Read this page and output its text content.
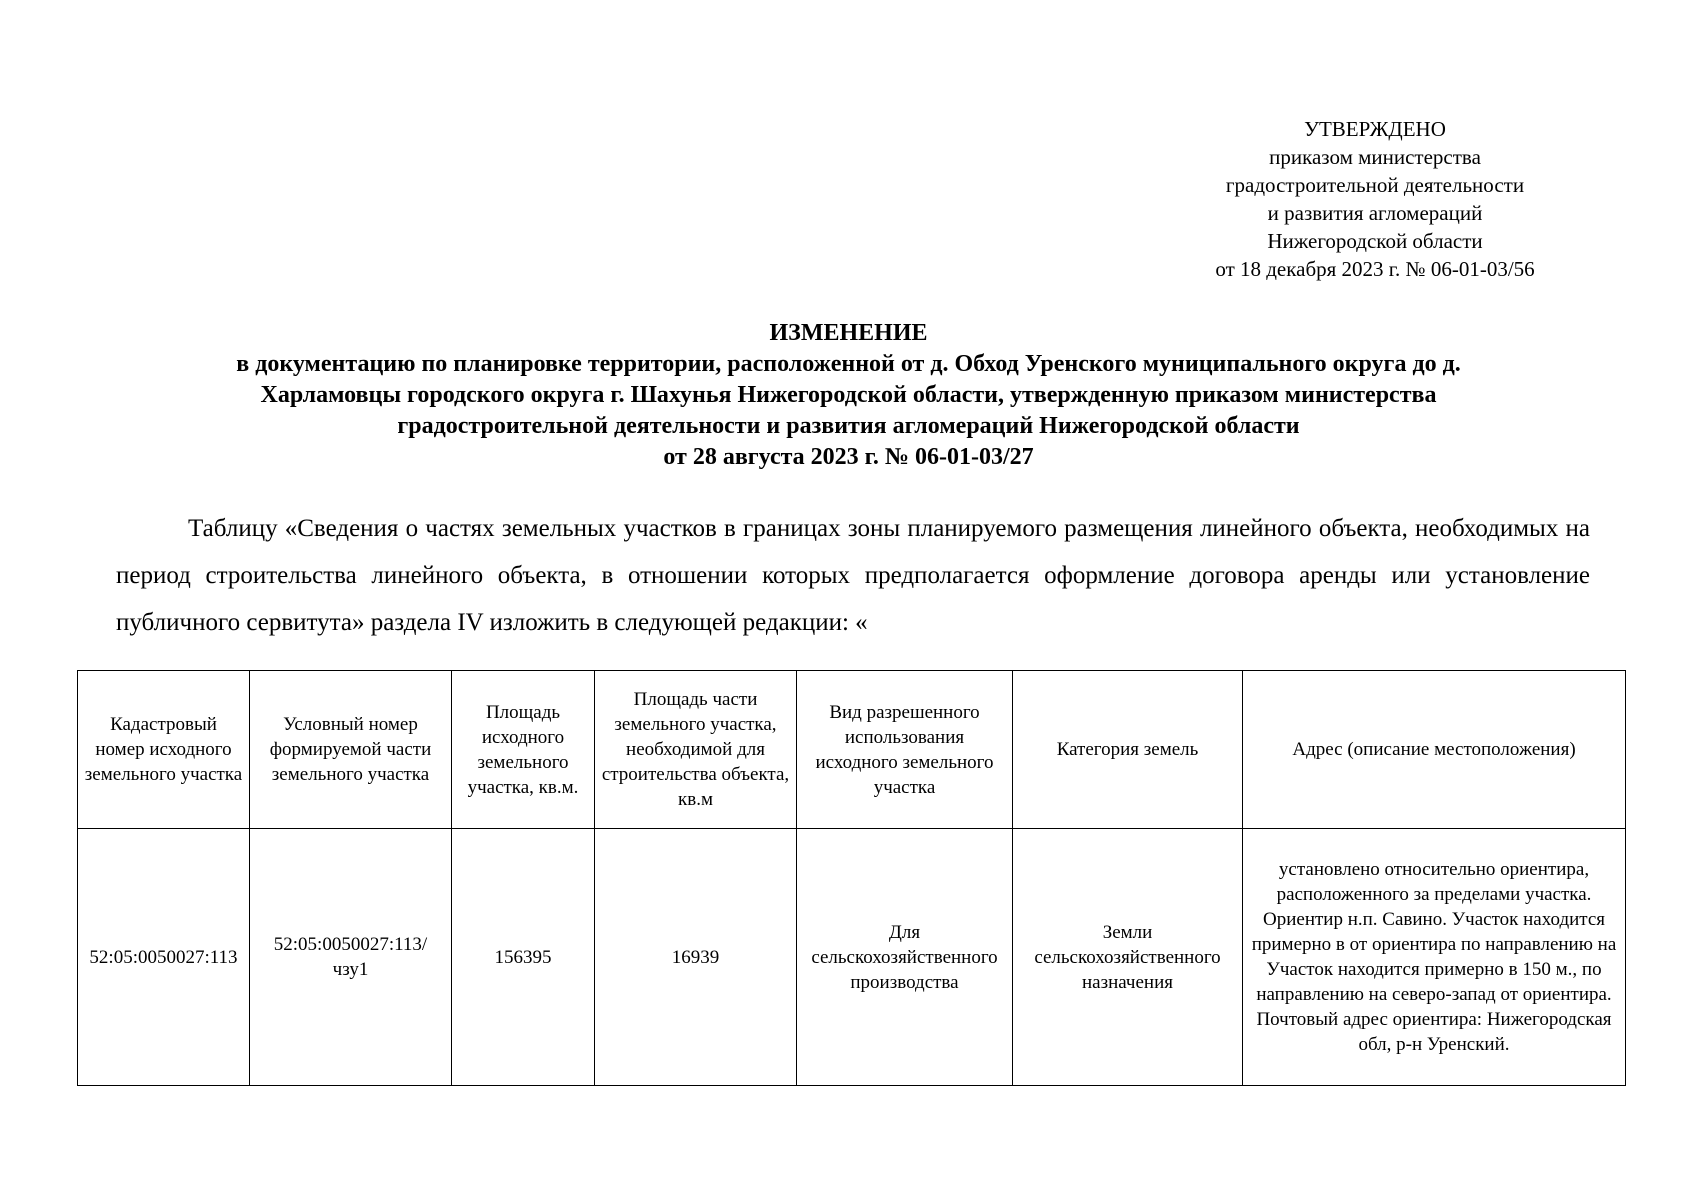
УТВЕРЖДЕНО
приказом министерства
градостроительной деятельности
и развития агломераций
Нижегородской области
от 18 декабря 2023 г. № 06-01-03/56
ИЗМЕНЕНИЕ
в документацию по планировке территории, расположенной от д. Обход Уренского муниципального округа до д.
Харламовцы городского округа г. Шахунья Нижегородской области, утвержденную приказом министерства
градостроительной деятельности и развития агломераций Нижегородской области
от 28 августа 2023 г. № 06-01-03/27
Таблицу «Сведения о частях земельных участков в границах зоны планируемого размещения линейного объекта, необходимых на период строительства линейного объекта, в отношении которых предполагается оформление договора аренды или установление публичного сервитута» раздела IV изложить в следующей редакции: «
Кадастровый номер исходного земельного участка	Условный номер формируемой части земельного участка	Площадь исходного земельного участка, кв.м.	Площадь части земельного участка, необходимой для строительства объекта, кв.м	Вид разрешенного использования исходного земельного участка	Категория земель	Адрес (описание местоположения)
52:05:0050027:113	52:05:0050027:113/чзу1	156395	16939	Для сельскохозяйственного производства	Земли сельскохозяйственного назначения	установлено относительно ориентира, расположенного за пределами участка. Ориентир н.п. Савино. Участок находится примерно в от ориентира по направлению на Участок находится примерно в 150 м., по направлению на северо-запад от ориентира. Почтовый адрес ориентира: Нижегородская обл, р-н Уренский.
